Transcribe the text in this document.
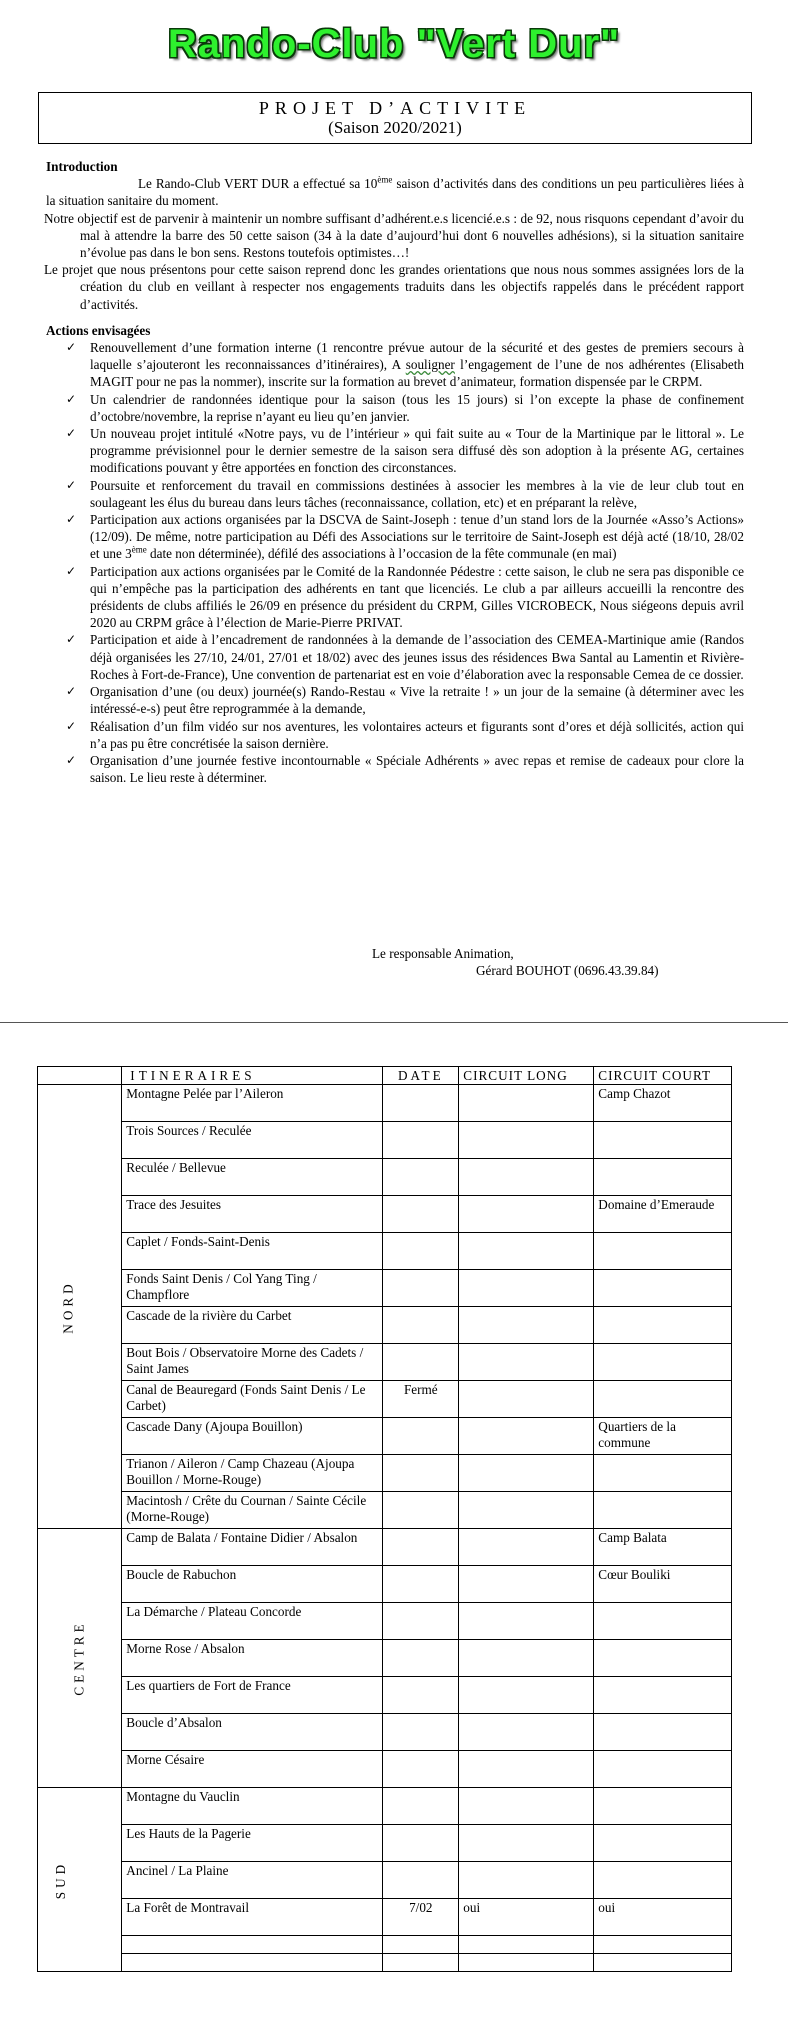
Rando-Club "Vert Dur"
PROJET D’ACTIVITE
(Saison 2020/2021)
Introduction
Le Rando-Club VERT DUR a effectué sa 10ème saison d’activités dans des conditions un peu particulières liées à la situation sanitaire du moment.
Notre objectif est de parvenir à maintenir un nombre suffisant d’adhérent.e.s licencié.e.s : de 92, nous risquons cependant d’avoir du mal à attendre la barre des 50 cette saison (34 à la date d’aujourd’hui dont 6 nouvelles adhésions), si la situation sanitaire n’évolue pas dans le bon sens. Restons toutefois optimistes…!
Le projet que nous présentons pour cette saison reprend donc les grandes orientations que nous nous sommes assignées lors de la création du club en veillant à respecter nos engagements traduits dans les objectifs rappelés dans le précédent rapport d’activités.
Actions envisagées
✓ Renouvellement d’une formation interne (1 rencontre prévue autour de la sécurité et des gestes de premiers secours à laquelle s’ajouteront les reconnaissances d’itinéraires), A souligner l’engagement de l’une de nos adhérentes (Elisabeth MAGIT pour ne pas la nommer), inscrite sur la formation au brevet d’animateur, formation dispensée par le CRPM.
✓ Un calendrier de randonnées identique pour la saison (tous les 15 jours) si l’on excepte la phase de confinement d’octobre/novembre, la reprise n’ayant eu lieu qu’en janvier.
✓ Un nouveau projet intitulé «Notre pays, vu de l’intérieur » qui fait suite au « Tour de la Martinique par le littoral ». Le programme prévisionnel pour le dernier semestre de la saison sera diffusé dès son adoption à la présente AG, certaines modifications pouvant y être apportées en fonction des circonstances.
✓ Poursuite et renforcement du travail en commissions destinées à associer les membres à la vie de leur club tout en soulageant les élus du bureau dans leurs tâches (reconnaissance, collation, etc) et en préparant la relève,
✓ Participation aux actions organisées par la DSCVA de Saint-Joseph : tenue d’un stand lors de la Journée «Asso’s Actions» (12/09). De même, notre participation au Défi des Associations sur le territoire de Saint-Joseph est déjà acté (18/10, 28/02 et une 3ème date non déterminée), défilé des associations à l’occasion de la fête communale (en mai)
✓ Participation aux actions organisées par le Comité de la Randonnée Pédestre : cette saison, le club ne sera pas disponible ce qui n’empêche pas la participation des adhérents en tant que licenciés. Le club a par ailleurs accueilli la rencontre des présidents de clubs affiliés le 26/09 en présence du président du CRPM, Gilles VICROBECK, Nous siégeons depuis avril 2020 au CRPM grâce à l’élection de Marie-Pierre PRIVAT.
✓ Participation et aide à l’encadrement de randonnées à la demande de l’association des CEMEA-Martinique amie (Randos déjà organisées les 27/10, 24/01, 27/01 et 18/02) avec des jeunes issus des résidences Bwa Santal au Lamentin et Rivière-Roches à Fort-de-France), Une convention de partenariat est en voie d’élaboration avec la responsable Cemea de ce dossier.
✓ Organisation d’une (ou deux) journée(s) Rando-Restau « Vive la retraite ! » un jour de la semaine (à déterminer avec les intéressé-e-s) peut être reprogrammée à la demande,
✓ Réalisation d’un film vidéo sur nos aventures, les volontaires acteurs et figurants sont d’ores et déjà sollicités, action qui n’a pas pu être concrétisée la saison dernière.
✓ Organisation d’une journée festive incontournable « Spéciale Adhérents » avec repas et remise de cadeaux pour clore la saison. Le lieu reste à déterminer.
Le responsable Animation,
Gérard BOUHOT (0696.43.39.84)
	ITINERAIRES	DATE	CIRCUIT LONG	CIRCUIT COURT
NORD	Montagne Pelée par l’Aileron			Camp Chazot
	Trois Sources / Reculée			
	Reculée / Bellevue			
	Trace des Jesuites			Domaine d’Emeraude
	Caplet / Fonds-Saint-Denis			
	Fonds Saint Denis / Col Yang Ting / Champflore			
	Cascade de la rivière du Carbet			
	Bout Bois / Observatoire Morne des Cadets / Saint James			
	Canal de Beauregard (Fonds Saint Denis / Le Carbet)	Fermé		
	Cascade Dany (Ajoupa Bouillon)			Quartiers de la commune
	Trianon / Aileron / Camp Chazeau (Ajoupa Bouillon / Morne-Rouge)			
	Macintosh / Crête du Cournan / Sainte Cécile (Morne-Rouge)			
CENTRE	Camp de Balata / Fontaine Didier / Absalon			Camp Balata
	Boucle de Rabuchon			Cœur Bouliki
	La Démarche / Plateau Concorde			
	Morne Rose / Absalon			
	Les quartiers de Fort de France			
	Boucle d’Absalon			
	Morne Césaire			
SUD	Montagne du Vauclin			
	Les Hauts de la Pagerie			
	Ancinel / La Plaine			
	La Forêt de Montravail	7/02	oui	oui
